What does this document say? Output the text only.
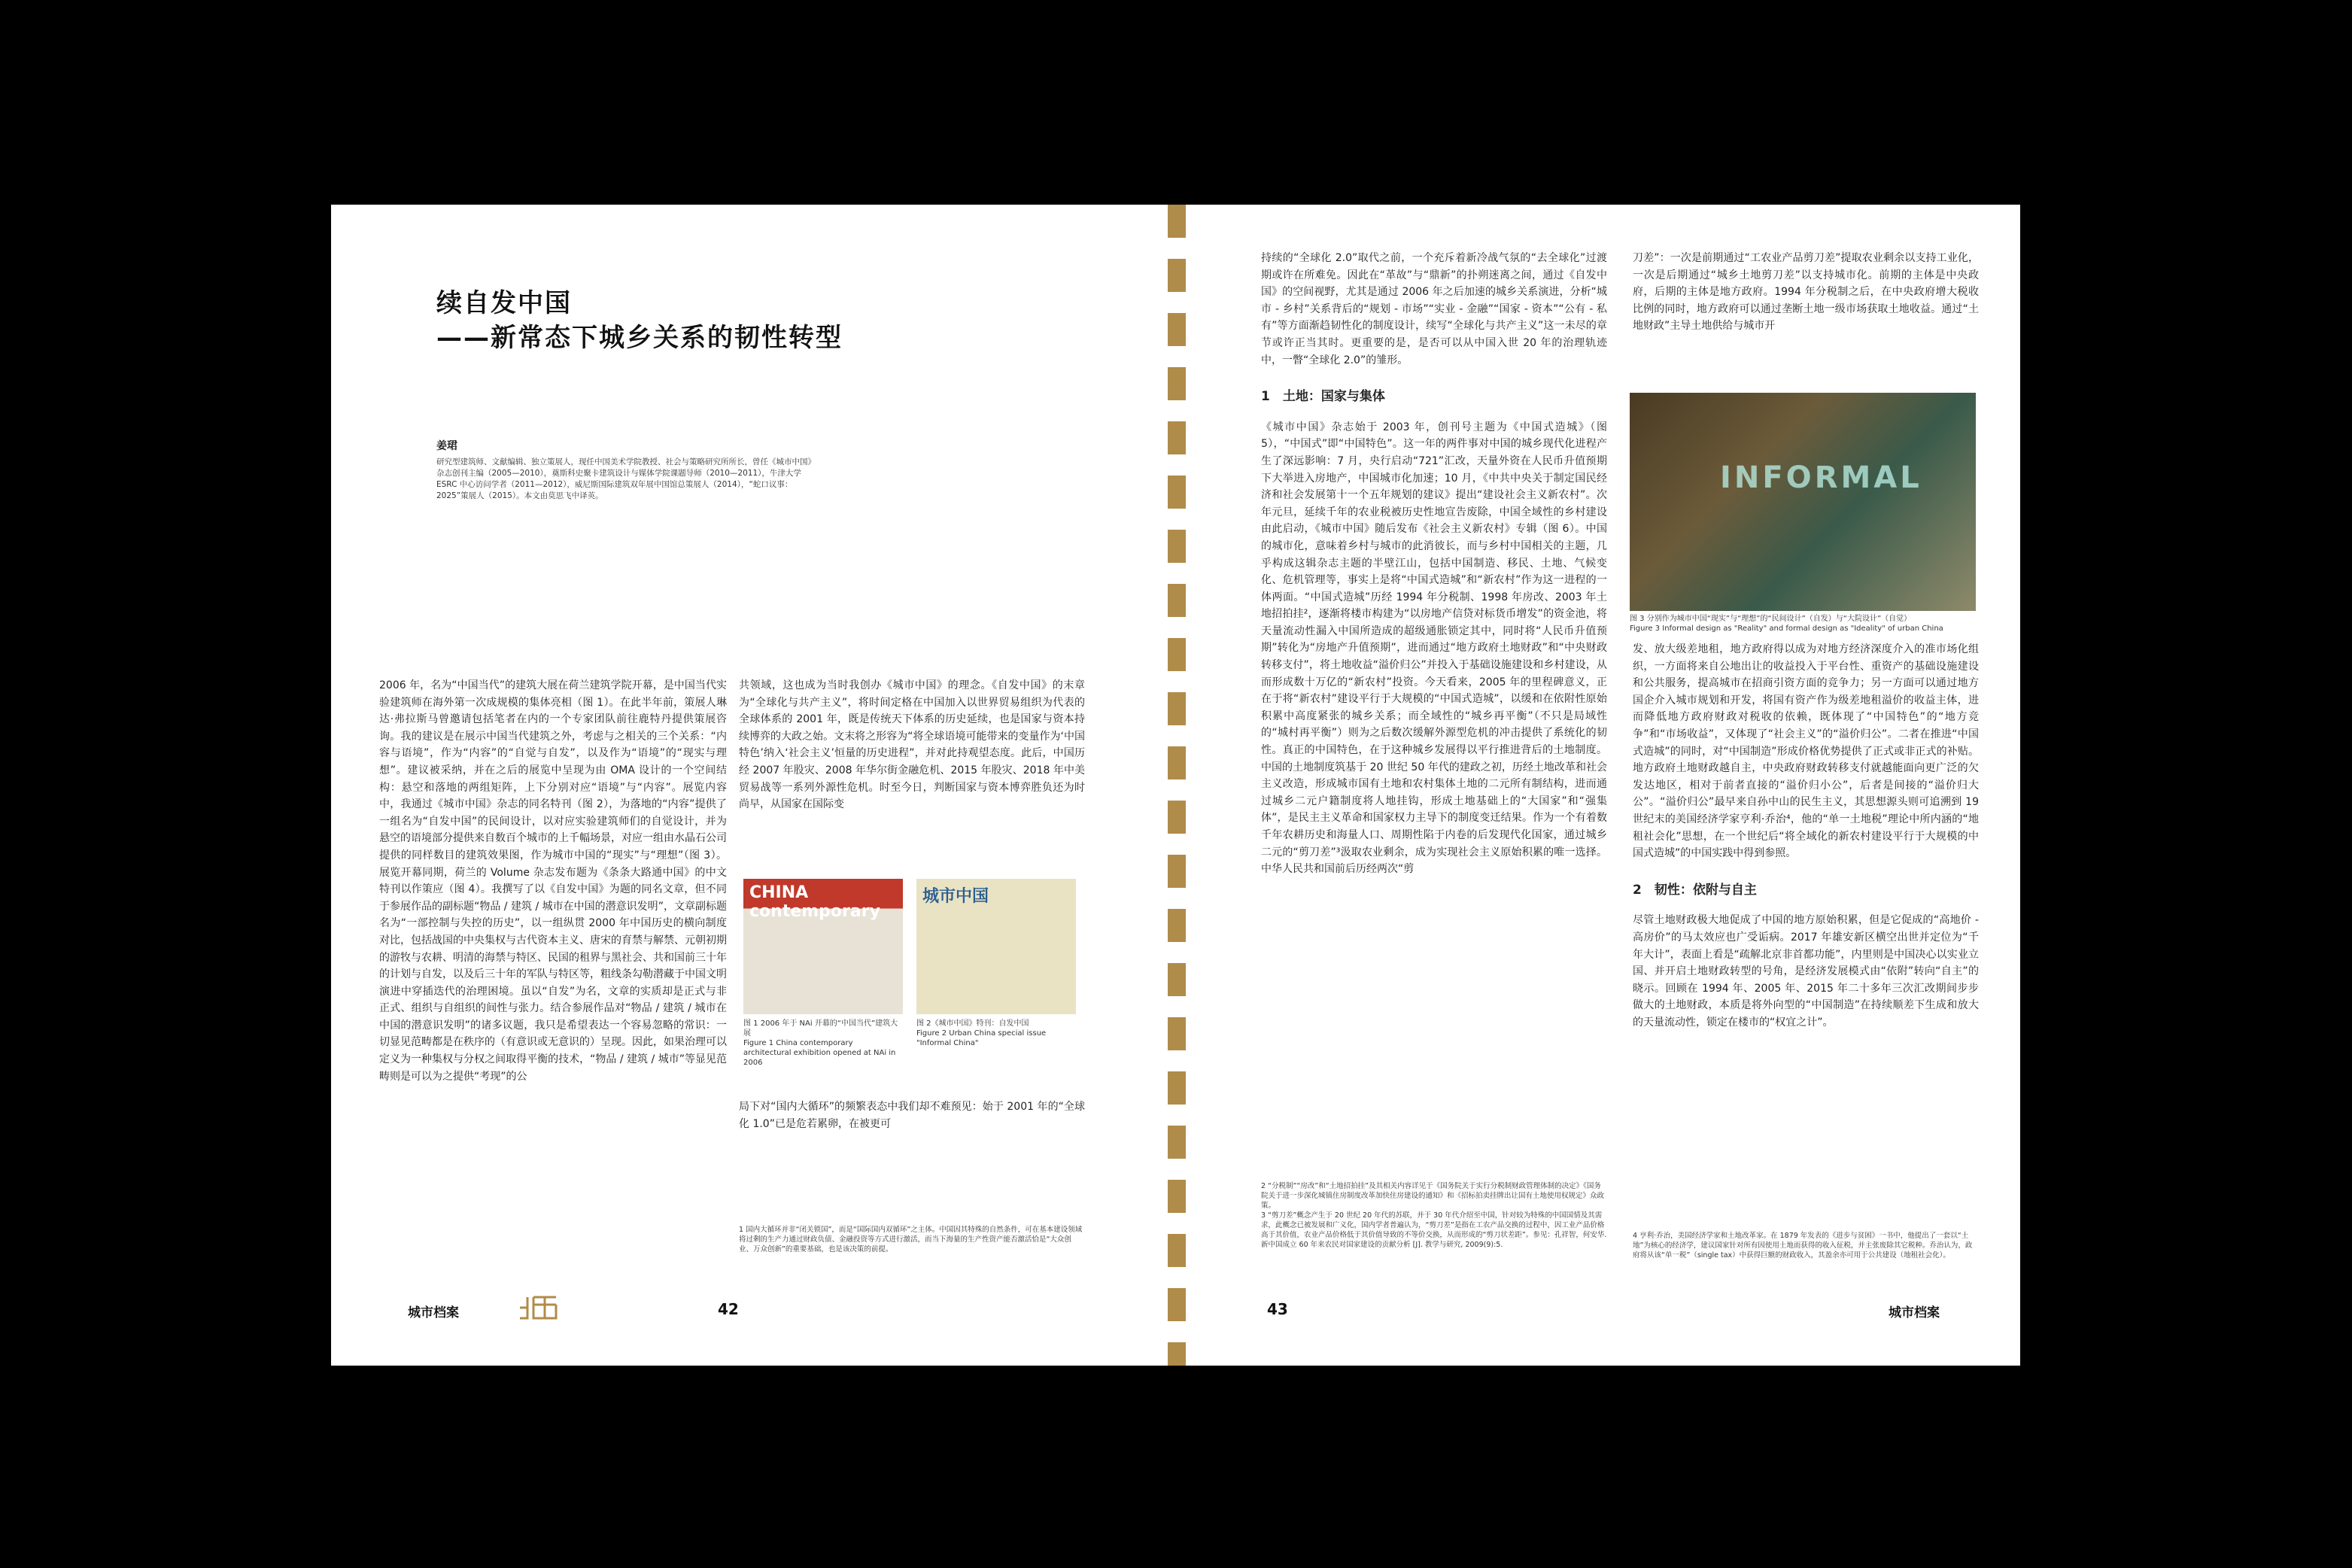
续自发中国
——新常态下城乡关系的韧性转型
姜珺
研究型建筑师、文献编辑、独立策展人，现任中国美术学院教授、社会与策略研究所所长，曾任《城市中国》杂志创刊主编（2005—2010），奠斯科史聚卡建筑设计与媒体学院课题导师（2010—2011），牛津大学 ESRC 中心访问学者（2011—2012），威尼斯国际建筑双年展中国馆总策展人（2014），“蛇口议事：2025”策展人（2015）。本文由莫思飞中译英。

2006 年，名为“中国当代”的建筑大展在荷兰建筑学院开幕，是中国当代实验建筑师在海外第一次成规模的集体亮相（图 1）。在此半年前，策展人琳达·弗拉斯马曾邀请包括笔者在内的一个专家团队前往鹿特丹提供策展咨询。我的建议是在展示中国当代建筑之外，考虑与之相关的三个关系：“内容与语境”，作为“内容”的“自觉与自发”，以及作为“语境”的“现实与理想”。建议被采纳，并在之后的展览中呈现为由 OMA 设计的一个空间结构：悬空和落地的两组矩阵，上下分别对应“语境”与“内容”。展览内容中，我通过《城市中国》杂志的同名特刊（图 2），为落地的“内容”提供了一组名为“自发中国”的民间设计，以对应实验建筑师们的自觉设计，并为悬空的语境部分提供来自数百个城市的上千幅场景，对应一组由水晶石公司提供的同样数目的建筑效果图，作为城市中国的“现实”与“理想”（图 3）。展览开幕同期，荷兰的 Volume 杂志发布题为《条条大路通中国》的中文特刊以作策应（图 4）。我撰写了以《自发中国》为题的同名文章，但不同于参展作品的副标题“物品 / 建筑 / 城市在中国的潜意识发明”，文章副标题名为“一部控制与失控的历史”，以一组纵贯 2000 年中国历史的横向制度对比，包括战国的中央集权与古代资本主义、唐宋的育禁与解禁、元朝初期的游牧与农耕、明清的海禁与特区、民国的租界与黑社会、共和国前三十年的计划与自发，以及后三十年的军队与特区等，粗线条勾勒潜藏于中国文明演进中穿插迭代的治理困境。虽以“自发”为名，文章的实质却是正式与非正式、组织与自组织的间性与张力。结合参展作品对“物品 / 建筑 / 城市在中国的潜意识发明”的诸多议题，我只是希望表达一个容易忽略的常识：一切显见范畴都是在秩序的（有意识或无意识的）呈现。因此，如果治理可以定义为一种集权与分权之间取得平衡的技术，“物品 / 建筑 / 城市”等显见范畴则是可以为之提供“考现”的公

共领域，这也成为当时我创办《城市中国》的理念。《自发中国》的末章为“全球化与共产主义”，将时间定格在中国加入以世界贸易组织为代表的全球体系的 2001 年，既是传统天下体系的历史延续，也是国家与资本持续博弈的大政之始。文末将之形容为“将全球语境可能带来的变量作为‘中国特色’纳入‘社会主义’恒量的历史进程”，并对此持观望态度。此后，中国历经 2007 年股灾、2008 年华尔街金融危机、2015 年股灾、2018 年中美贸易战等一系列外源性危机。时至今日，判断国家与资本博弈胜负还为时尚早，从国家在国际变

CHINA contemporary
城市中国
图 1 2006 年于 NAi 开幕的“中国当代”建筑大展
Figure 1 China contemporary architectural exhibition opened at NAi in 2006
图 2《城市中国》特刊：自发中国
Figure 2 Urban China special issue "Informal China"

局下对“国内大循环”的频繁表态中我们却不难预见：始于 2001 年的“全球化 1.0”已是危若累卵，在被更可

1 国内大循环并非“闭关锁国”，而是“国际国内双循环”之主体。中国因其特殊的自然条件，可在基本建设领域将过剩的生产力通过财政负债、金融投资等方式进行激活，而当下海量的生产性资产能否激活恰是“大众创业、万众创新”的重要基础，也是该决策的前提。
城市档案	42

持续的“全球化 2.0”取代之前，一个充斥着新冷战气氛的“去全球化”过渡期或许在所难免。因此在“革故”与“鼎新”的扑朔迷离之间，通过《自发中国》的空间视野，尤其是通过 2006 年之后加速的城乡关系演进，分析“城市 - 乡村”关系背后的“规划 - 市场”“实业 - 金融”“国家 - 资本”“公有 - 私有”等方面渐趋韧性化的制度设计，续写“全球化与共产主义”这一未尽的章节或许正当其时。更重要的是，是否可以从中国入世 20 年的治理轨迹中，一瞥“全球化 2.0”的雏形。

1　土地：国家与集体

《城市中国》杂志始于 2003 年，创刊号主题为《中国式造城》（图 5），“中国式”即“中国特色”。这一年的两件事对中国的城乡现代化进程产生了深远影响：7 月，央行启动“721”汇改，天量外资在人民币升值预期下大举进入房地产，中国城市化加速；10 月，《中共中央关于制定国民经济和社会发展第十一个五年规划的建议》提出“建设社会主义新农村”。次年元旦，延续千年的农业税被历史性地宣告废除，中国全域性的乡村建设由此启动，《城市中国》随后发布《社会主义新农村》专辑（图 6）。中国的城市化，意味着乡村与城市的此消彼长，而与乡村中国相关的主题，几乎构成这辑杂志主题的半壁江山，包括中国制造、移民、土地、气候变化、危机管理等，事实上是将“中国式造城”和“新农村”作为这一进程的一体两面。“中国式造城”历经 1994 年分税制、1998 年房改、2003 年土地招拍挂²，逐渐将楼市构建为“以房地产信贷对标货币增发”的资金池，将天量流动性漏入中国所造成的超级通胀锁定其中，同时将“人民币升值预期”转化为“房地产升值预期”，进而通过“地方政府土地财政”和“中央财政转移支付”，将土地收益“溢价归公”并投入于基础设施建设和乡村建设，从而形成数十万亿的“新农村”投资。今天看来，2005 年的里程碑意义，正在于将“新农村”建设平行于大规模的“中国式造城”，以缓和在依附性原始积累中高度紧张的城乡关系；而全域性的“城乡再平衡”（不只是局域性的“城村再平衡”）则为之后数次缓解外源型危机的冲击提供了系统化的韧性。真正的中国特色，在于这种城乡发展得以平行推进背后的土地制度。中国的土地制度筑基于 20 世纪 50 年代的建政之初，历经土地改革和社会主义改造，形成城市国有土地和农村集体土地的二元所有制结构，进而通过城乡二元户籍制度将人地挂钩，形成土地基础上的“大国家”和“强集体”，是民主主义革命和国家权力主导下的制度变迁结果。作为一个有着数千年农耕历史和海量人口、周期性陷于内卷的后发现代化国家，通过城乡二元的“剪刀差”³汲取农业剩余，成为实现社会主义原始积累的唯一选择。中华人民共和国前后历经两次“剪

刀差”：一次是前期通过“工农业产品剪刀差”提取农业剩余以支持工业化，一次是后期通过“城乡土地剪刀差”以支持城市化。前期的主体是中央政府，后期的主体是地方政府。1994 年分税制之后，在中央政府增大税收比例的同时，地方政府可以通过垄断土地一级市场获取土地收益。通过“土地财政”主导土地供给与城市开

INFORMAL
图 3 分别作为城市中国“现实”与“理想”的“民间设计”（自发）与“大院设计”（自觉）
Figure 3 Informal design as "Reality" and formal design as "Ideality" of urban China

发、放大级差地租，地方政府得以成为对地方经济深度介入的准市场化组织，一方面将来自公地出让的收益投入于平台性、重资产的基础设施建设和公共服务，提高城市在招商引资方面的竞争力；另一方面可以通过地方国企介入城市规划和开发，将国有资产作为级差地租溢价的收益主体，进而降低地方政府财政对税收的依赖，既体现了“中国特色”的“地方竞争”和“市场收益”，又体现了“社会主义”的“溢价归公”。二者在推进“中国式造城”的同时，对“中国制造”形成价格优势提供了正式或非正式的补贴。地方政府土地财政越自主，中央政府财政转移支付就越能面向更广泛的欠发达地区，相对于前者直接的“溢价归小公”，后者是间接的“溢价归大公”。“溢价归公”最早来自孙中山的民生主义，其思想源头则可追溯到 19 世纪末的美国经济学家亨利·乔治⁴，他的“单一土地税”理论中所内涵的“地租社会化”思想，在一个世纪后“将全域化的新农村建设平行于大规模的中国式造城”的中国实践中得到参照。

2　韧性：依附与自主

尽管土地财政极大地促成了中国的地方原始积累，但是它促成的“高地价 - 高房价”的马太效应也广受诟病。2017 年雄安新区横空出世并定位为“千年大计”，表面上看是“疏解北京非首都功能”，内里则是中国决心以实业立国、并开启土地财政转型的号角，是经济发展模式由“依附”转向“自主”的晓示。回顾在 1994 年、2005 年、2015 年二十多年三次汇改期间步步做大的土地财政，本质是将外向型的“中国制造”在持续顺差下生成和放大的天量流动性，锁定在楼市的“权宜之计”。

2 “分税制”“房改”和“土地招拍挂”及其相关内容详见于《国务院关于实行分税制财政管理体制的决定》《国务院关于进一步深化城镇住房制度改革加快住房建设的通知》和《招标拍卖挂牌出让国有土地使用权规定》众政策。
3 “剪刀差”概念产生于 20 世纪 20 年代的苏联，并于 30 年代介绍至中国，针对较为特殊的中国国情及其需求，此概念已被发展和广义化，国内学者普遍认为，“剪刀差”是指在工农产品交换的过程中，因工业产品价格高于其价值，农业产品价格低于其价值导致的不等价交换，从而形成的“剪刀状差距”。参见：孔祥智，何安华. 新中国成立 60 年来农民对国家建设的贡献分析 [J]. 教学与研究, 2009(9):5.
4 亨利·乔治，美国经济学家和土地改革家。在 1879 年发表的《进步与贫困》一书中，他提出了一套以“土地”为核心的经济学，建议国家针对所有因使用土地而获得的收入征税，并主张废除其它税种。乔治认为，政府将从该“单一税”（single tax）中获得巨额的财政收入，其盈余亦可用于公共建设（地租社会化）。
43	城市档案
